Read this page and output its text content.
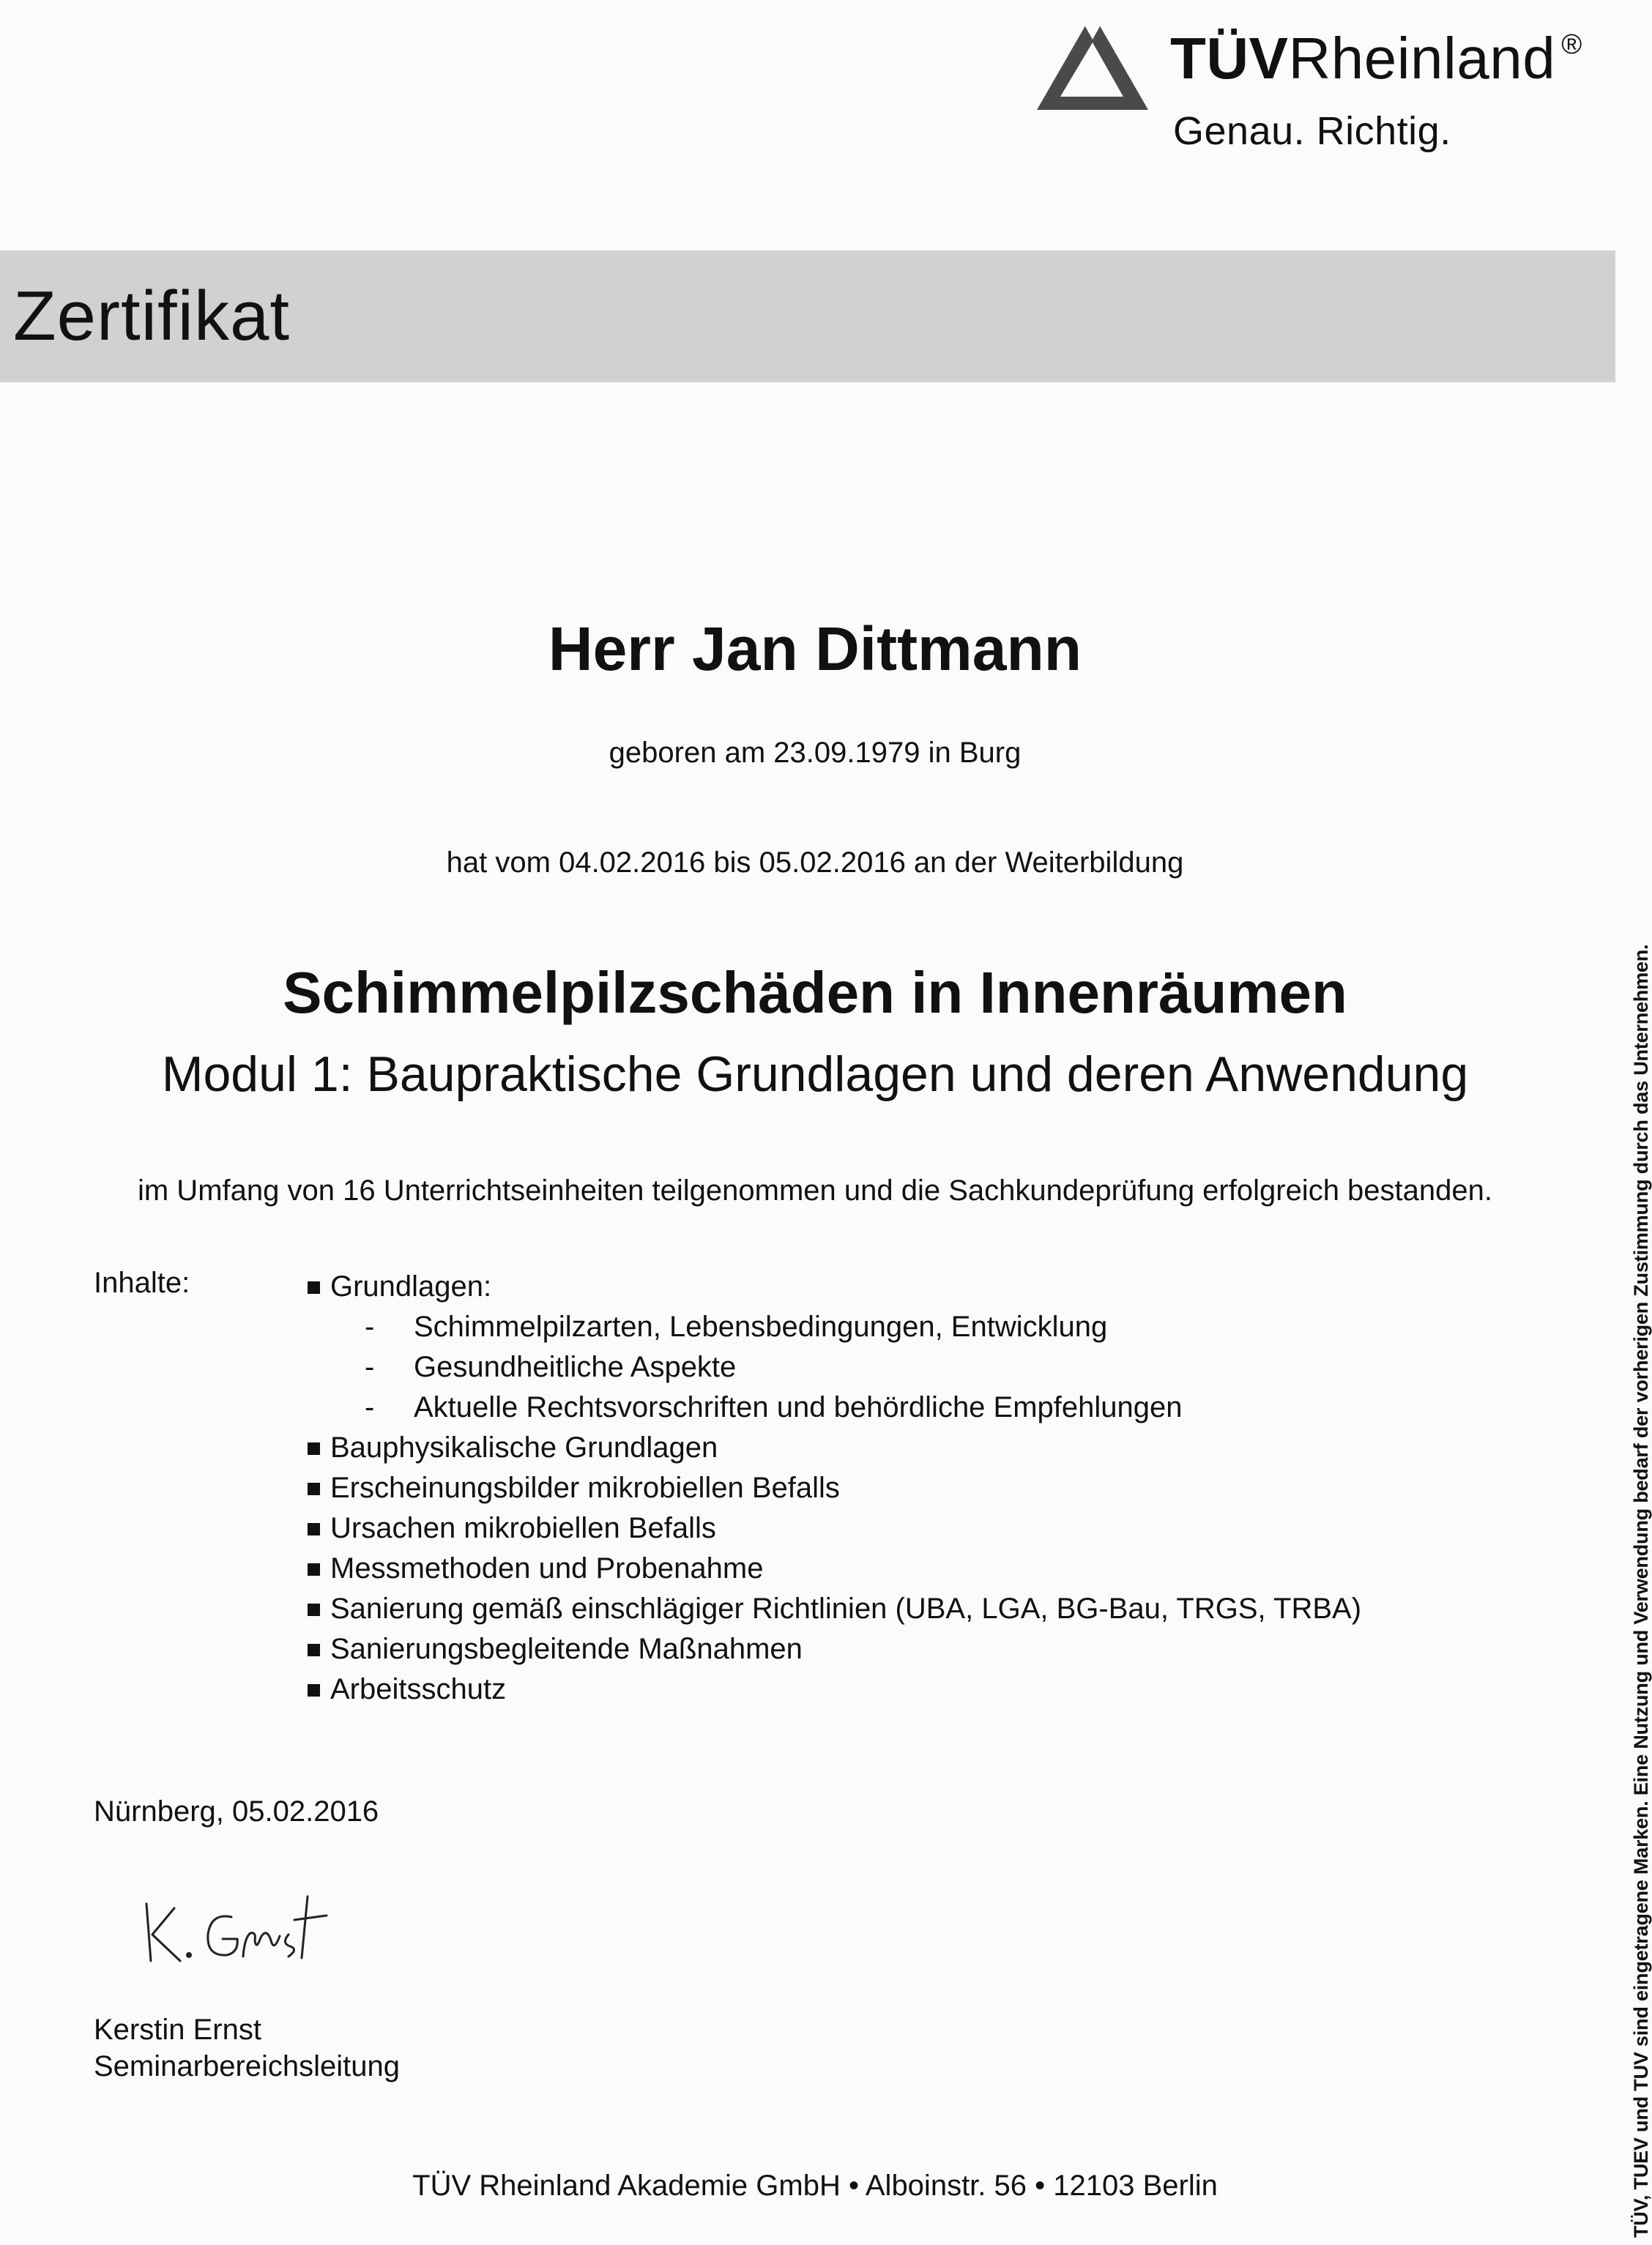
TÜVRheinland ®
Genau. Richtig.
Zertifikat
Herr Jan Dittmann
geboren am 23.09.1979 in Burg
hat vom 04.02.2016 bis 05.02.2016 an der Weiterbildung
Schimmelpilzschäden in Innenräumen
Modul 1: Baupraktische Grundlagen und deren Anwendung
im Umfang von 16 Unterrichtseinheiten teilgenommen und die Sachkundeprüfung erfolgreich bestanden.
Inhalte:	Grundlagen:
- Schimmelpilzarten, Lebensbedingungen, Entwicklung
- Gesundheitliche Aspekte
- Aktuelle Rechtsvorschriften und behördliche Empfehlungen
Bauphysikalische Grundlagen
Erscheinungsbilder mikrobiellen Befalls
Ursachen mikrobiellen Befalls
Messmethoden und Probenahme
Sanierung gemäß einschlägiger Richtlinien (UBA, LGA, BG-Bau, TRGS, TRBA)
Sanierungsbegleitende Maßnahmen
Arbeitsschutz
Nürnberg, 05.02.2016
Kerstin Ernst
Seminarbereichsleitung
TÜV Rheinland Akademie GmbH • Alboinstr. 56 • 12103 Berlin	TÜV, TUEV und TUV sind eingetragene Marken. Eine Nutzung und Verwendung bedarf der vorherigen Zustimmung durch das Unternehmen.
